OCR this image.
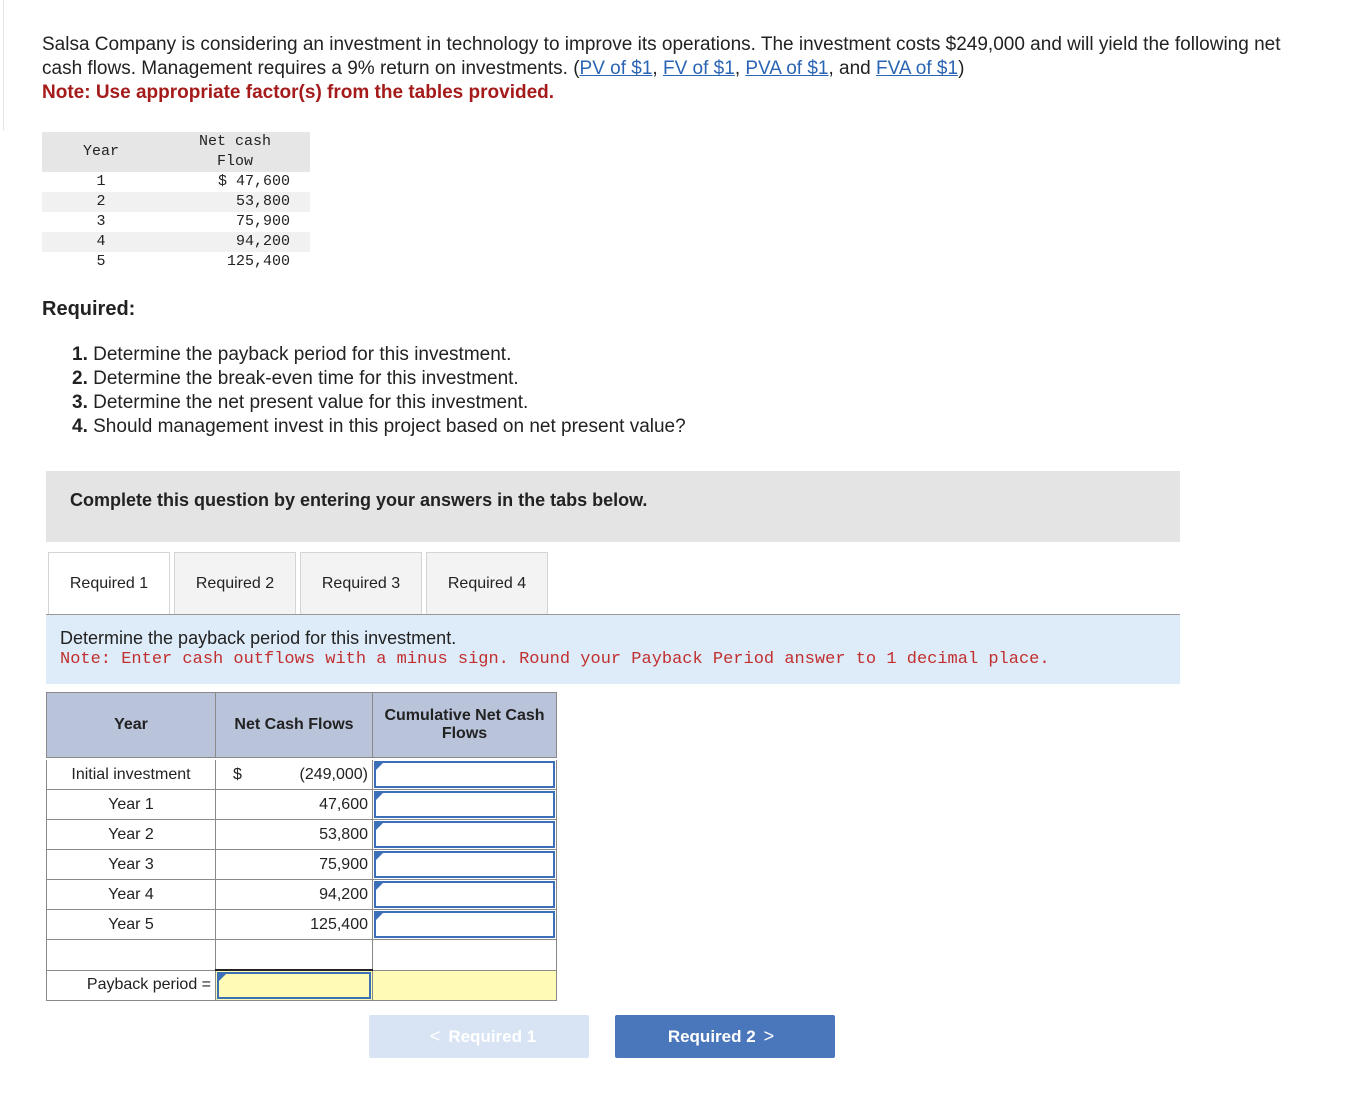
Salsa Company is considering an investment in technology to improve its operations. The investment costs $249,000 and will yield the following net cash flows. Management requires a 9% return on investments. (PV of $1, FV of $1, PVA of $1, and FVA of $1)
Note: Use appropriate factor(s) from the tables provided.
Year	Net cash
Flow
1	$ 47,600
2	53,800
3	75,900
4	94,200
5	125,400
Required:
1. Determine the payback period for this investment.
2. Determine the break-even time for this investment.
3. Determine the net present value for this investment.
4. Should management invest in this project based on net present value?
Complete this question by entering your answers in the tabs below.
Required 1	Required 2	Required 3	Required 4
Determine the payback period for this investment.
Note: Enter cash outflows with a minus sign. Round your Payback Period answer to 1 decimal place.
Year	Net Cash Flows	Cumulative Net Cash Flows

Initial investment	$ (249,000)	

Year 1	47,600	

Year 2	53,800	

Year 3	75,900	

Year 4	94,200	

Year 5	125,400	

Payback period =	

< Required 1	Required 2 >
